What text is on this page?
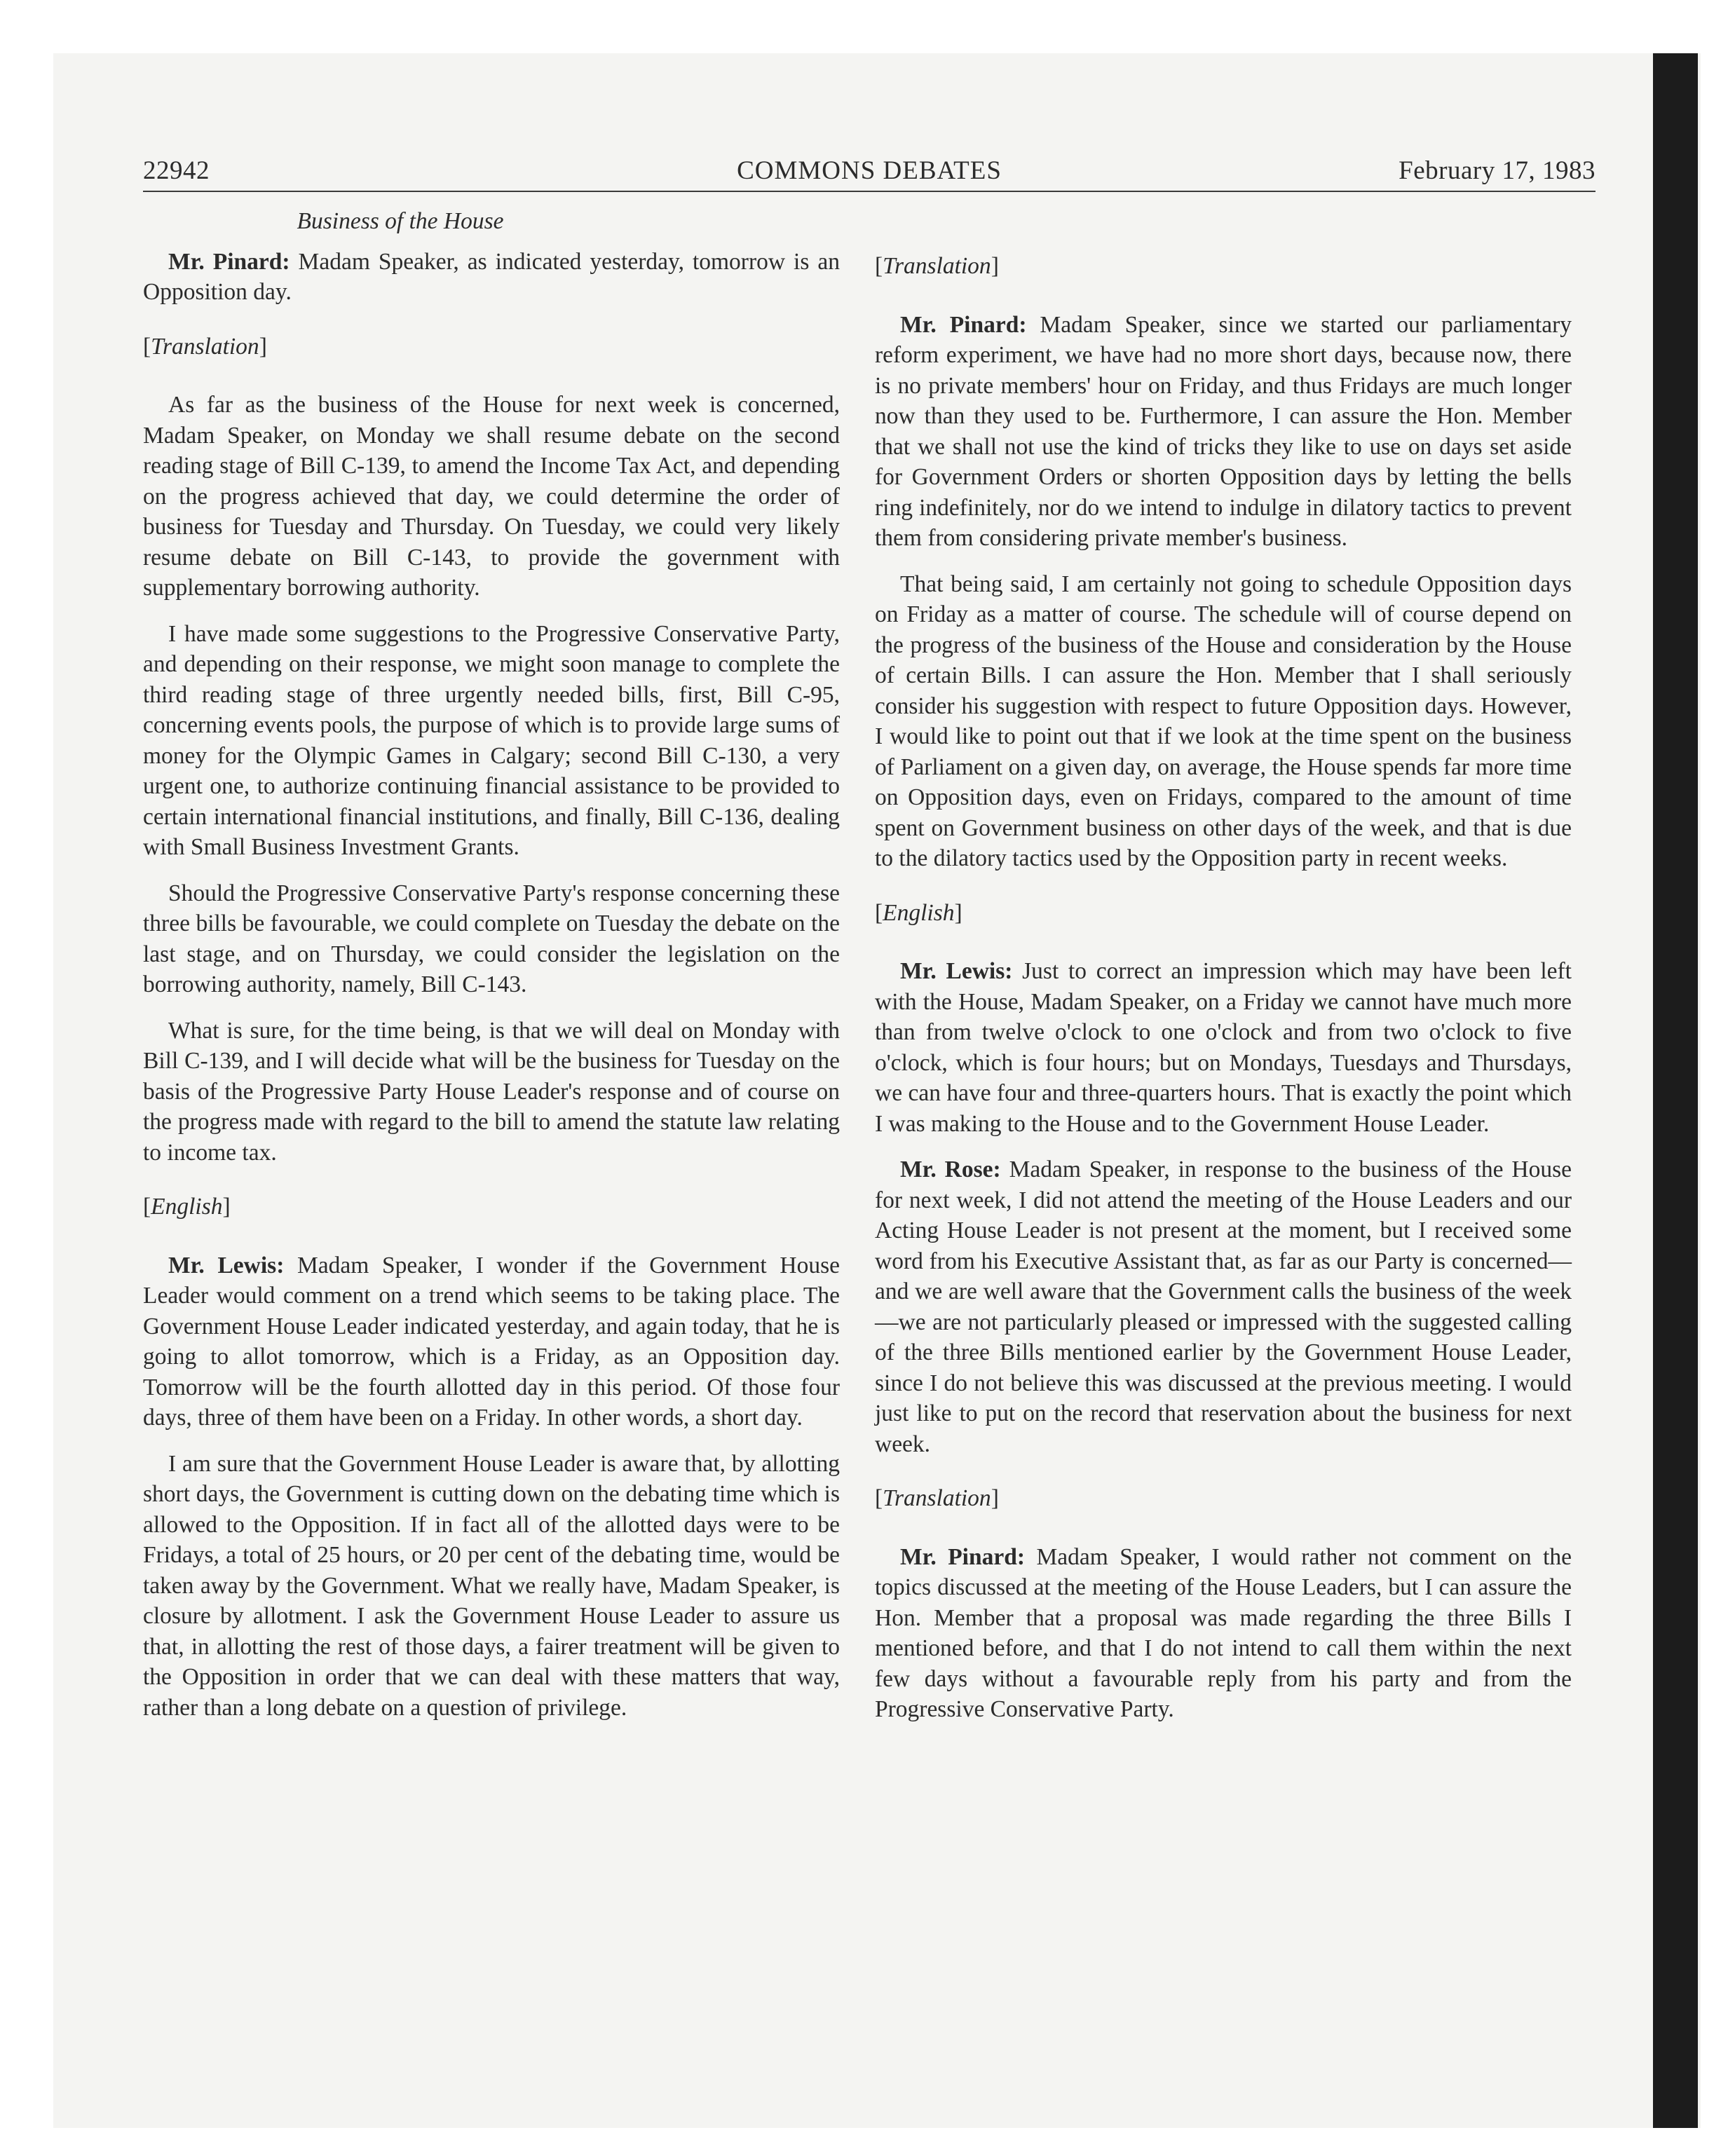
22942	COMMONS DEBATES	February 17, 1983
Business of the House

Mr. Pinard: Madam Speaker, as indicated yesterday, tomorrow is an Opposition day.

[Translation]

As far as the business of the House for next week is concerned, Madam Speaker, on Monday we shall resume debate on the second reading stage of Bill C-139, to amend the Income Tax Act, and depending on the progress achieved that day, we could determine the order of business for Tuesday and Thursday. On Tuesday, we could very likely resume debate on Bill C-143, to provide the government with supplementary borrowing authority.

I have made some suggestions to the Progressive Conservative Party, and depending on their response, we might soon manage to complete the third reading stage of three urgently needed bills, first, Bill C-95, concerning events pools, the purpose of which is to provide large sums of money for the Olympic Games in Calgary; second Bill C-130, a very urgent one, to authorize continuing financial assistance to be provided to certain international financial institutions, and finally, Bill C-136, dealing with Small Business Investment Grants.

Should the Progressive Conservative Party's response concerning these three bills be favourable, we could complete on Tuesday the debate on the last stage, and on Thursday, we could consider the legislation on the borrowing authority, namely, Bill C-143.

What is sure, for the time being, is that we will deal on Monday with Bill C-139, and I will decide what will be the business for Tuesday on the basis of the Progressive Party House Leader's response and of course on the progress made with regard to the bill to amend the statute law relating to income tax.

[English]

Mr. Lewis: Madam Speaker, I wonder if the Government House Leader would comment on a trend which seems to be taking place. The Government House Leader indicated yesterday, and again today, that he is going to allot tomorrow, which is a Friday, as an Opposition day. Tomorrow will be the fourth allotted day in this period. Of those four days, three of them have been on a Friday. In other words, a short day.

I am sure that the Government House Leader is aware that, by allotting short days, the Government is cutting down on the debating time which is allowed to the Opposition. If in fact all of the allotted days were to be Fridays, a total of 25 hours, or 20 per cent of the debating time, would be taken away by the Government. What we really have, Madam Speaker, is closure by allotment. I ask the Government House Leader to assure us that, in allotting the rest of those days, a fairer treatment will be given to the Opposition in order that we can deal with these matters that way, rather than a long debate on a question of privilege.

[Translation]

Mr. Pinard: Madam Speaker, since we started our parliamentary reform experiment, we have had no more short days, because now, there is no private members' hour on Friday, and thus Fridays are much longer now than they used to be. Furthermore, I can assure the Hon. Member that we shall not use the kind of tricks they like to use on days set aside for Government Orders or shorten Opposition days by letting the bells ring indefinitely, nor do we intend to indulge in dilatory tactics to prevent them from considering private member's business.

That being said, I am certainly not going to schedule Opposition days on Friday as a matter of course. The schedule will of course depend on the progress of the business of the House and consideration by the House of certain Bills. I can assure the Hon. Member that I shall seriously consider his suggestion with respect to future Opposition days. However, I would like to point out that if we look at the time spent on the business of Parliament on a given day, on average, the House spends far more time on Opposition days, even on Fridays, compared to the amount of time spent on Government business on other days of the week, and that is due to the dilatory tactics used by the Opposition party in recent weeks.

[English]

Mr. Lewis: Just to correct an impression which may have been left with the House, Madam Speaker, on a Friday we cannot have much more than from twelve o'clock to one o'clock and from two o'clock to five o'clock, which is four hours; but on Mondays, Tuesdays and Thursdays, we can have four and three-quarters hours. That is exactly the point which I was making to the House and to the Government House Leader.

Mr. Rose: Madam Speaker, in response to the business of the House for next week, I did not attend the meeting of the House Leaders and our Acting House Leader is not present at the moment, but I received some word from his Executive Assistant that, as far as our Party is concerned—and we are well aware that the Government calls the business of the week—we are not particularly pleased or impressed with the suggested calling of the three Bills mentioned earlier by the Government House Leader, since I do not believe this was discussed at the previous meeting. I would just like to put on the record that reservation about the business for next week.

[Translation]

Mr. Pinard: Madam Speaker, I would rather not comment on the topics discussed at the meeting of the House Leaders, but I can assure the Hon. Member that a proposal was made regarding the three Bills I mentioned before, and that I do not intend to call them within the next few days without a favourable reply from his party and from the Progressive Conservative Party.
